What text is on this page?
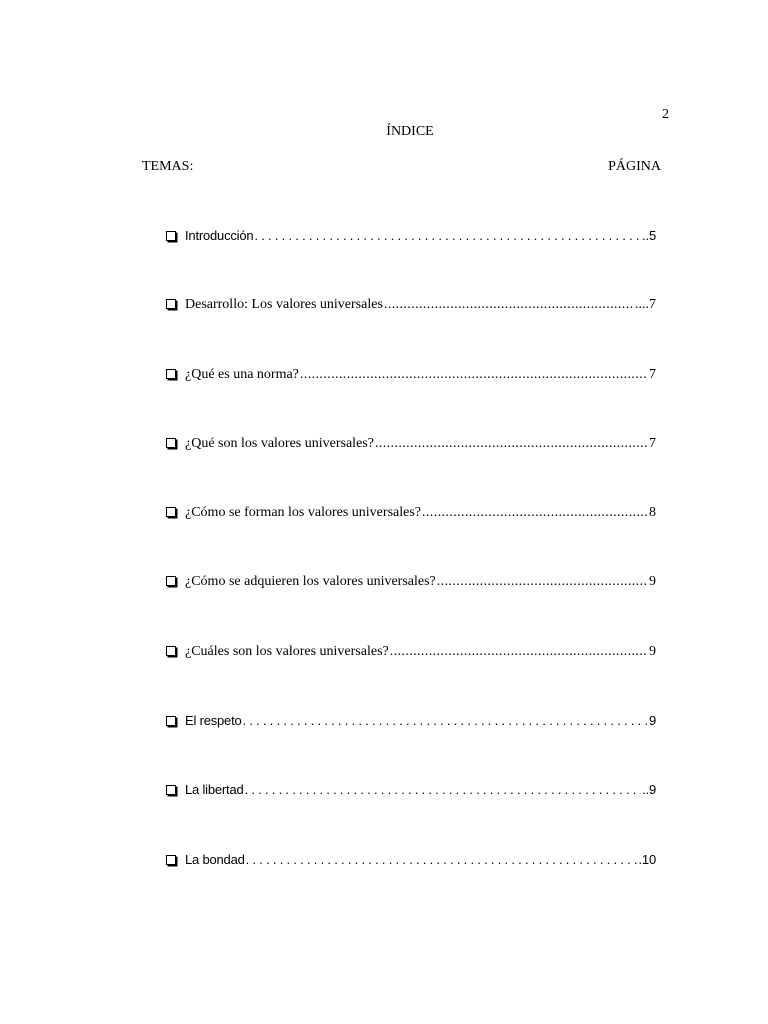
2
ÍNDICE
TEMAS:	PÁGINA
Introducción .....	..5
Desarrollo: Los valores universales .....	....7
¿Qué es una norma? .....	7
¿Qué son los valores universales? .....	7
¿Cómo se forman los valores universales? .....	8
¿Cómo se adquieren los valores universales? .....	9
¿Cuáles son los valores universales? .....	9
El respeto .....	9
La libertad .....	..9
La bondad .....	.10
